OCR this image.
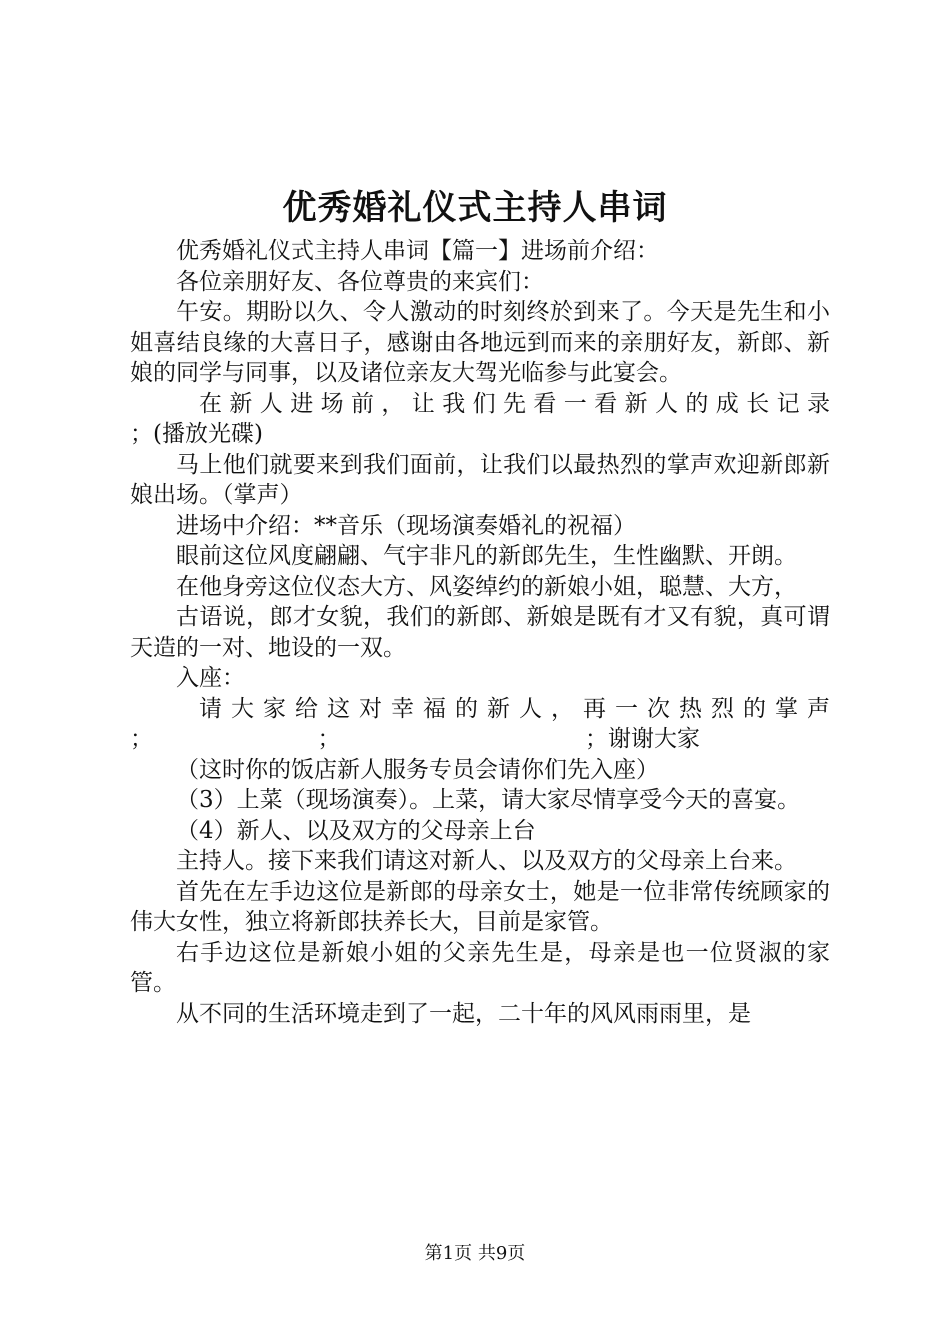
优秀婚礼仪式主持人串词

优秀婚礼仪式主持人串词【篇一】进场前介绍：

各位亲朋好友、各位尊贵的来宾们：

午安。期盼以久、令人激动的时刻终於到来了。今天是先生和小姐喜结良缘的大喜日子，感谢由各地远到而来的亲朋好友，新郎、新娘的同学与同事，以及诸位亲友大驾光临参与此宴会。

在新人进场前，让我们先看一看新人的成长记录

；(播放光碟)

马上他们就要来到我们面前，让我们以最热烈的掌声欢迎新郎新娘出场。（掌声）

进场中介绍：**音乐（现场演奏婚礼的祝福）

眼前这位风度翩翩、气宇非凡的新郎先生，生性幽默、开朗。

在他身旁这位仪态大方、风姿绰约的新娘小姐，聪慧、大方，

古语说，郎才女貌，我们的新郎、新娘是既有才又有貌，真可谓天造的一对、地设的一双。

入座：

请大家给这对幸福的新人，再一次热烈的掌声

；	；	；谢谢大家

（这时你的饭店新人服务专员会请你们先入座）

（3）上菜（现场演奏）。上菜，请大家尽情享受今天的喜宴。

（4）新人、以及双方的父母亲上台

主持人。接下来我们请这对新人、以及双方的父母亲上台来。

首先在左手边这位是新郎的母亲女士，她是一位非常传统顾家的伟大女性，独立将新郎扶养长大，目前是家管。

右手边这位是新娘小姐的父亲先生是，母亲是也一位贤淑的家管。

从不同的生活环境走到了一起，二十年的风风雨雨里，是

第1页 共9页
